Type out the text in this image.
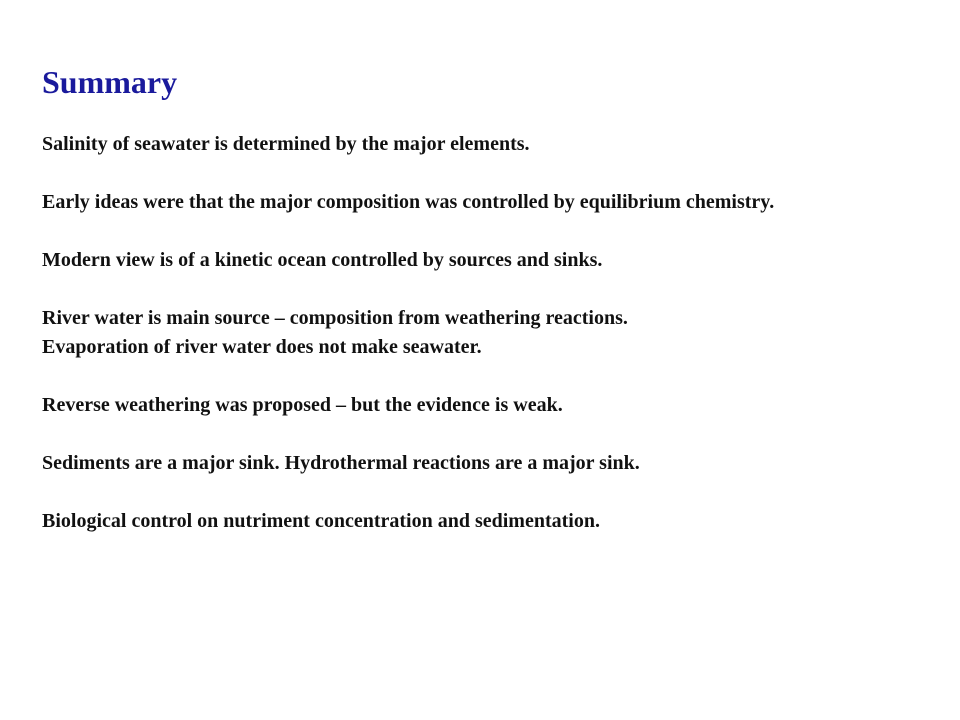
Summary
Salinity of seawater is determined by the major elements.
Early ideas were that the major composition was controlled by equilibrium chemistry.
Modern view is of a kinetic ocean controlled by sources and sinks.
River water is main source – composition from weathering reactions.
Evaporation of river water does not make seawater.
Reverse weathering was proposed – but the evidence is weak.
Sediments are a major sink. Hydrothermal reactions are a major sink.
Biological control on nutriment concentration and sedimentation.
